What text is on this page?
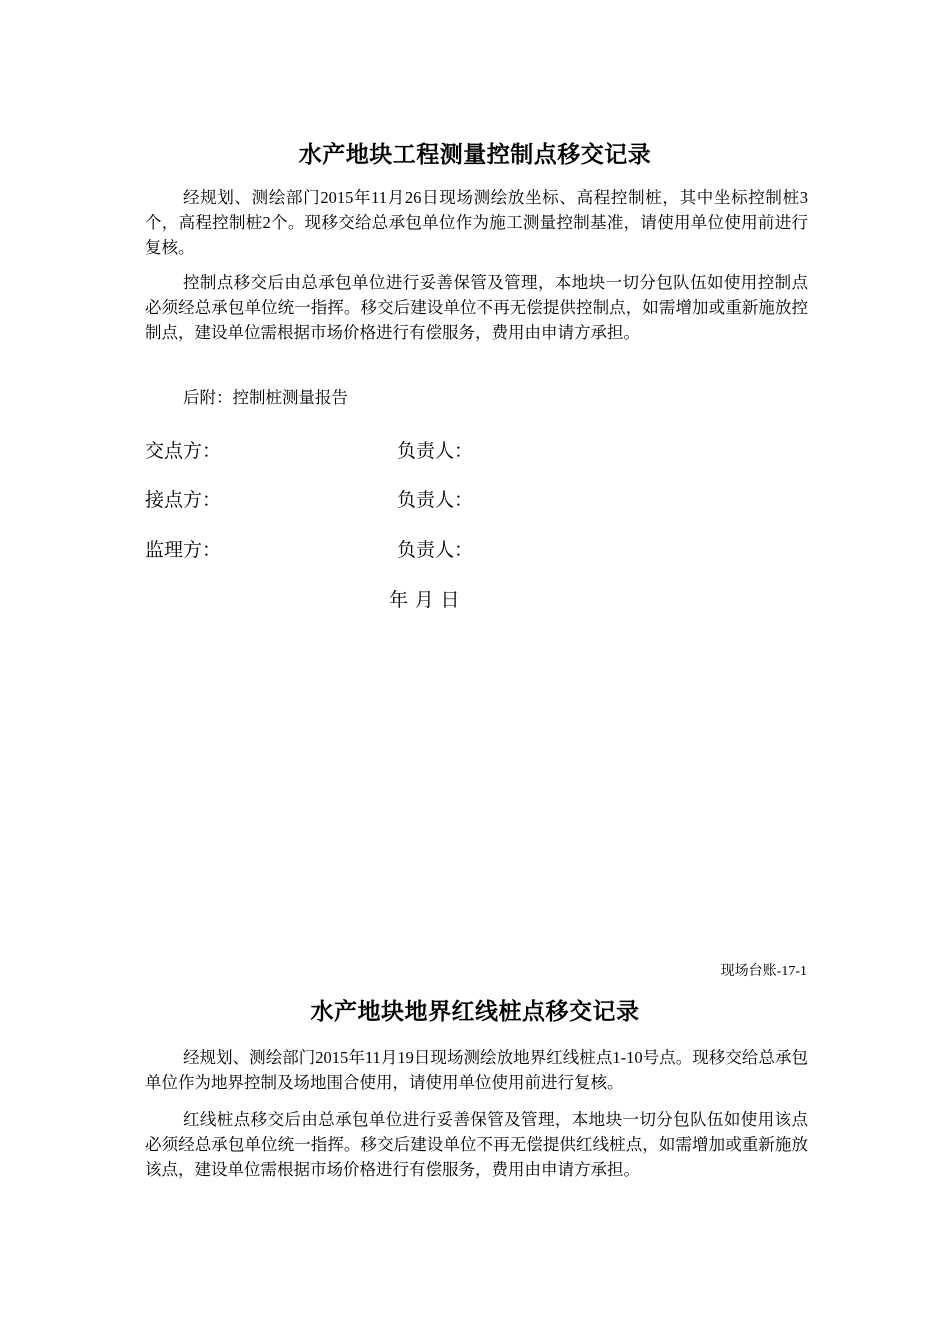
水产地块工程测量控制点移交记录

经规划、测绘部门2015年11月26日现场测绘放坐标、高程控制桩，其中坐标控制桩3个，高程控制桩2个。现移交给总承包单位作为施工测量控制基准，请使用单位使用前进行复核。

控制点移交后由总承包单位进行妥善保管及管理，本地块一切分包队伍如使用控制点必须经总承包单位统一指挥。移交后建设单位不再无偿提供控制点，如需增加或重新施放控制点，建设单位需根据市场价格进行有偿服务，费用由申请方承担。

后附：控制桩测量报告

交点方：	负责人：
接点方：	负责人：
监理方：	负责人：
年 月 日
现场台账-17-1
水产地块地界红线桩点移交记录

经规划、测绘部门2015年11月19日现场测绘放地界红线桩点1-10号点。现移交给总承包单位作为地界控制及场地围合使用，请使用单位使用前进行复核。

红线桩点移交后由总承包单位进行妥善保管及管理，本地块一切分包队伍如使用该点必须经总承包单位统一指挥。移交后建设单位不再无偿提供红线桩点，如需增加或重新施放该点，建设单位需根据市场价格进行有偿服务，费用由申请方承担。
